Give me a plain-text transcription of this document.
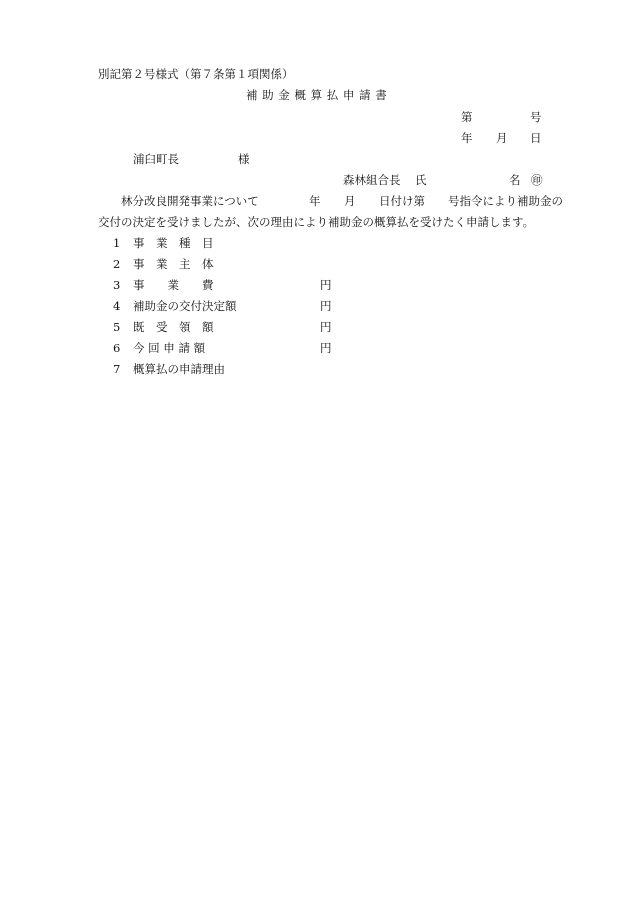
別記第２号様式（第７条第１項関係）
補 助 金 概 算 払 申 請 書
第	号
年 月 日
浦臼町長	様
森林組合長 氏	名 ㊞
林分改良開発事業について	年 月 日付け第 号指令により補助金の
交付の決定を受けましたが、次の理由により補助金の概算払を受けたく申請します。
1 事　業　種　目
2 事　業　主　体
3 事　　業　　費	円
4 補助金の交付決定額	円
5 既　受　領　額	円
6 今 回 申 請 額	円
7 概算払の申請理由
